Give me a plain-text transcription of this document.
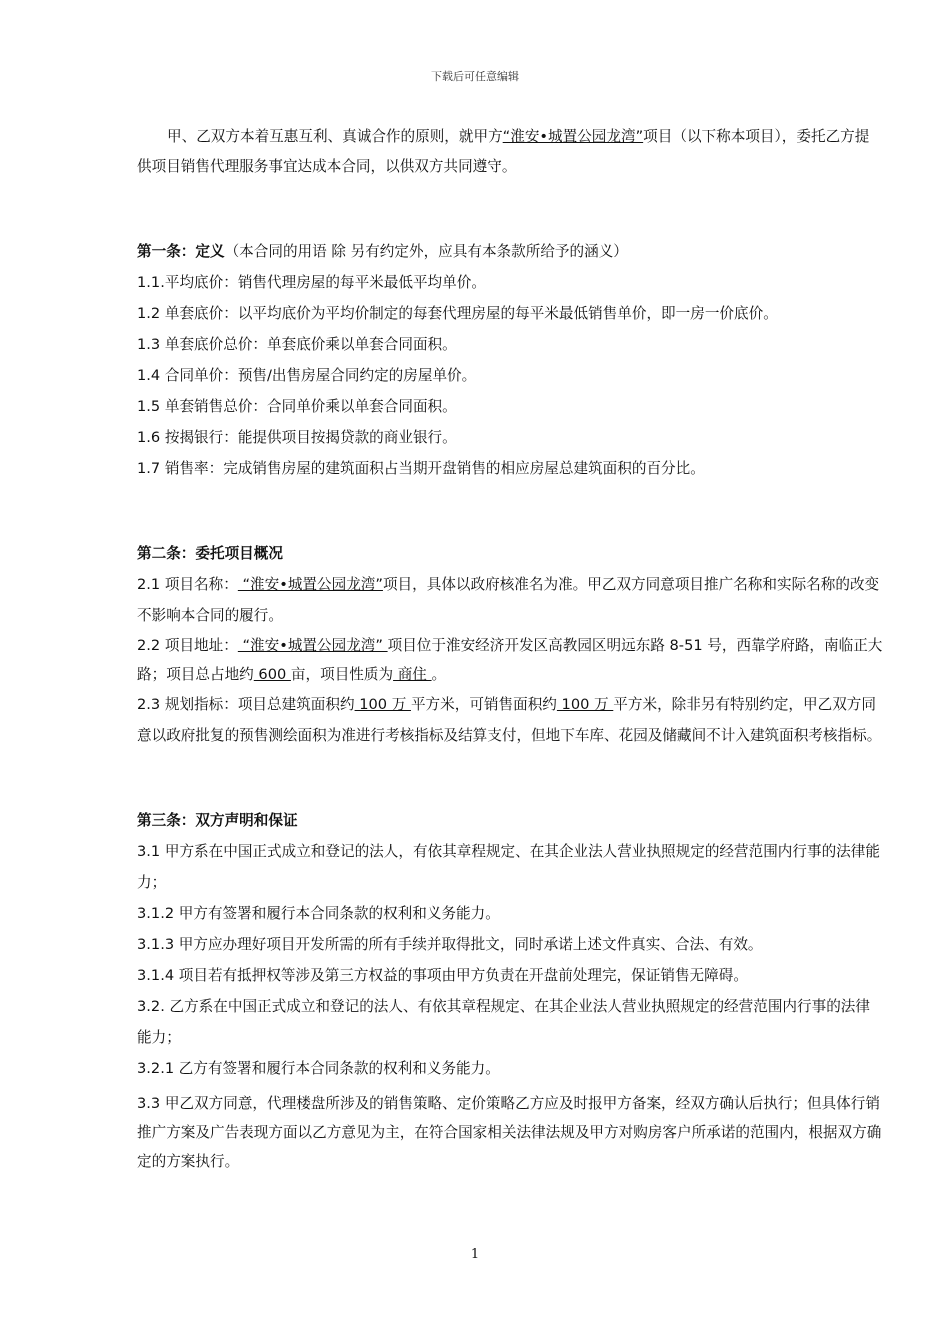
下载后可任意编辑

甲、乙双方本着互惠互利、真诚合作的原则，就甲方“淮安•城置公园龙湾”项目（以下称本项目），委托乙方提供项目销售代理服务事宜达成本合同，以供双方共同遵守。

第一条：定义（本合同的用语 除 另有约定外，应具有本条款所给予的涵义）

1.1.平均底价：销售代理房屋的每平米最低平均单价。

1.2 单套底价：以平均底价为平均价制定的每套代理房屋的每平米最低销售单价，即一房一价底价。

1.3 单套底价总价：单套底价乘以单套合同面积。

1.4 合同单价：预售/出售房屋合同约定的房屋单价。

1.5 单套销售总价：合同单价乘以单套合同面积。

1.6 按揭银行：能提供项目按揭贷款的商业银行。

1.7 销售率：完成销售房屋的建筑面积占当期开盘销售的相应房屋总建筑面积的百分比。

第二条：委托项目概况

2.1 项目名称： “淮安•城置公园龙湾”项目，具体以政府核准名为准。甲乙双方同意项目推广名称和实际名称的改变不影响本合同的履行。

2.2 项目地址： “淮安•城置公园龙湾” 项目位于淮安经济开发区高教园区明远东路 8-51 号，西靠学府路，南临正大路；项目总占地约 600 亩，项目性质为 商住 。

2.3 规划指标：项目总建筑面积约 100 万 平方米，可销售面积约 100 万 平方米，除非另有特别约定，甲乙双方同意以政府批复的预售测绘面积为准进行考核指标及结算支付，但地下车库、花园及储藏间不计入建筑面积考核指标。

第三条：双方声明和保证

3.1 甲方系在中国正式成立和登记的法人，有依其章程规定、在其企业法人营业执照规定的经营范围内行事的法律能力；

3.1.2 甲方有签署和履行本合同条款的权利和义务能力。

3.1.3 甲方应办理好项目开发所需的所有手续并取得批文，同时承诺上述文件真实、合法、有效。

3.1.4 项目若有抵押权等涉及第三方权益的事项由甲方负责在开盘前处理完，保证销售无障碍。

3.2. 乙方系在中国正式成立和登记的法人、有依其章程规定、在其企业法人营业执照规定的经营范围内行事的法律能力；

3.2.1 乙方有签署和履行本合同条款的权利和义务能力。

3.3 甲乙双方同意，代理楼盘所涉及的销售策略、定价策略乙方应及时报甲方备案，经双方确认后执行；但具体行销推广方案及广告表现方面以乙方意见为主，在符合国家相关法律法规及甲方对购房客户所承诺的范围内，根据双方确定的方案执行。

1
